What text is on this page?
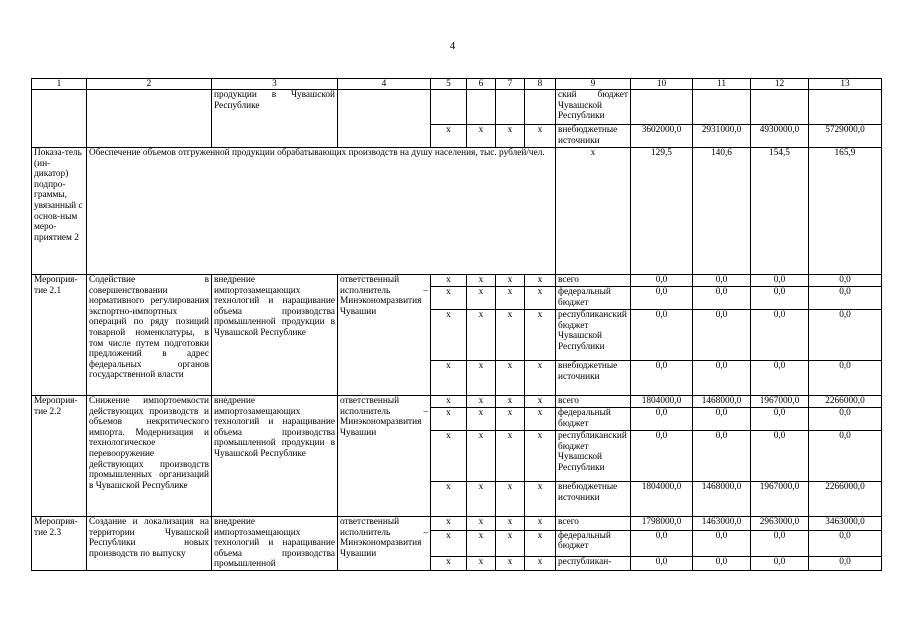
4
1	2	3	4	5	6	7	8	9	10	11	12	13
		продукции в Чувашской Республике						ский бюджет Чувашской Республики				
				x	x	x	x	внебюджетные источники	3602000,0	2931000,0	4930000,0	5729000,0
Показа-тель (ин-дикатор) подпро-граммы, увязанный с основ-ным меро-приятием 2	Обеспечение объемов отгруженной продукции обрабатывающих производств на душу населения, тыс. рублей/чел.							x	129,5	140,6	154,5	165,9
Мероприя-тие 2.1	Содействие в совершенствовании нормативного регулирования экспортно-импортных операций по ряду позиций товарной номенклатуры, в том числе путем подготовки предложений в адрес федеральных органов государственной власти	внедрение импортозамещающих технологий и наращивание объема производства промышленной продукции в Чувашской Республике	ответственный исполнитель – Минэкономразвития Чувашии	x	x	x	x	всего	0,0	0,0	0,0	0,0
				x	x	x	x	федеральный бюджет	0,0	0,0	0,0	0,0
				x	x	x	x	республиканский бюджет Чувашской Республики	0,0	0,0	0,0	0,0
				x	x	x	x	внебюджетные источники	0,0	0,0	0,0	0,0
Мероприя-тие 2.2	Снижение импортоемкости действующих производств и объемов некритического импорта. Модернизация и технологическое перевооружение действующих производств промышленных организаций в Чувашской Республике	внедрение импортозамещающих технологий и наращивание объема производства промышленной продукции в Чувашской Республике	ответственный исполнитель – Минэкономразвития Чувашии	x	x	x	x	всего	1804000,0	1468000,0	1967000,0	2266000,0
				x	x	x	x	федеральный бюджет	0,0	0,0	0,0	0,0
				x	x	x	x	республиканский бюджет Чувашской Республики	0,0	0,0	0,0	0,0
				x	x	x	x	внебюджетные источники	1804000,0	1468000,0	1967000,0	2266000,0
Мероприя-тие 2.3	Создание и локализация на территории Чувашской Республики новых производств по выпуску	внедрение импортозамещающих технологий и наращивание объема производства промышленной	ответственный исполнитель – Минэкономразвития Чувашии	x	x	x	x	всего	1798000,0	1463000,0	2963000,0	3463000,0
				x	x	x	x	федеральный бюджет	0,0	0,0	0,0	0,0
				x	x	x	x	республикан-	0,0	0,0	0,0	0,0
